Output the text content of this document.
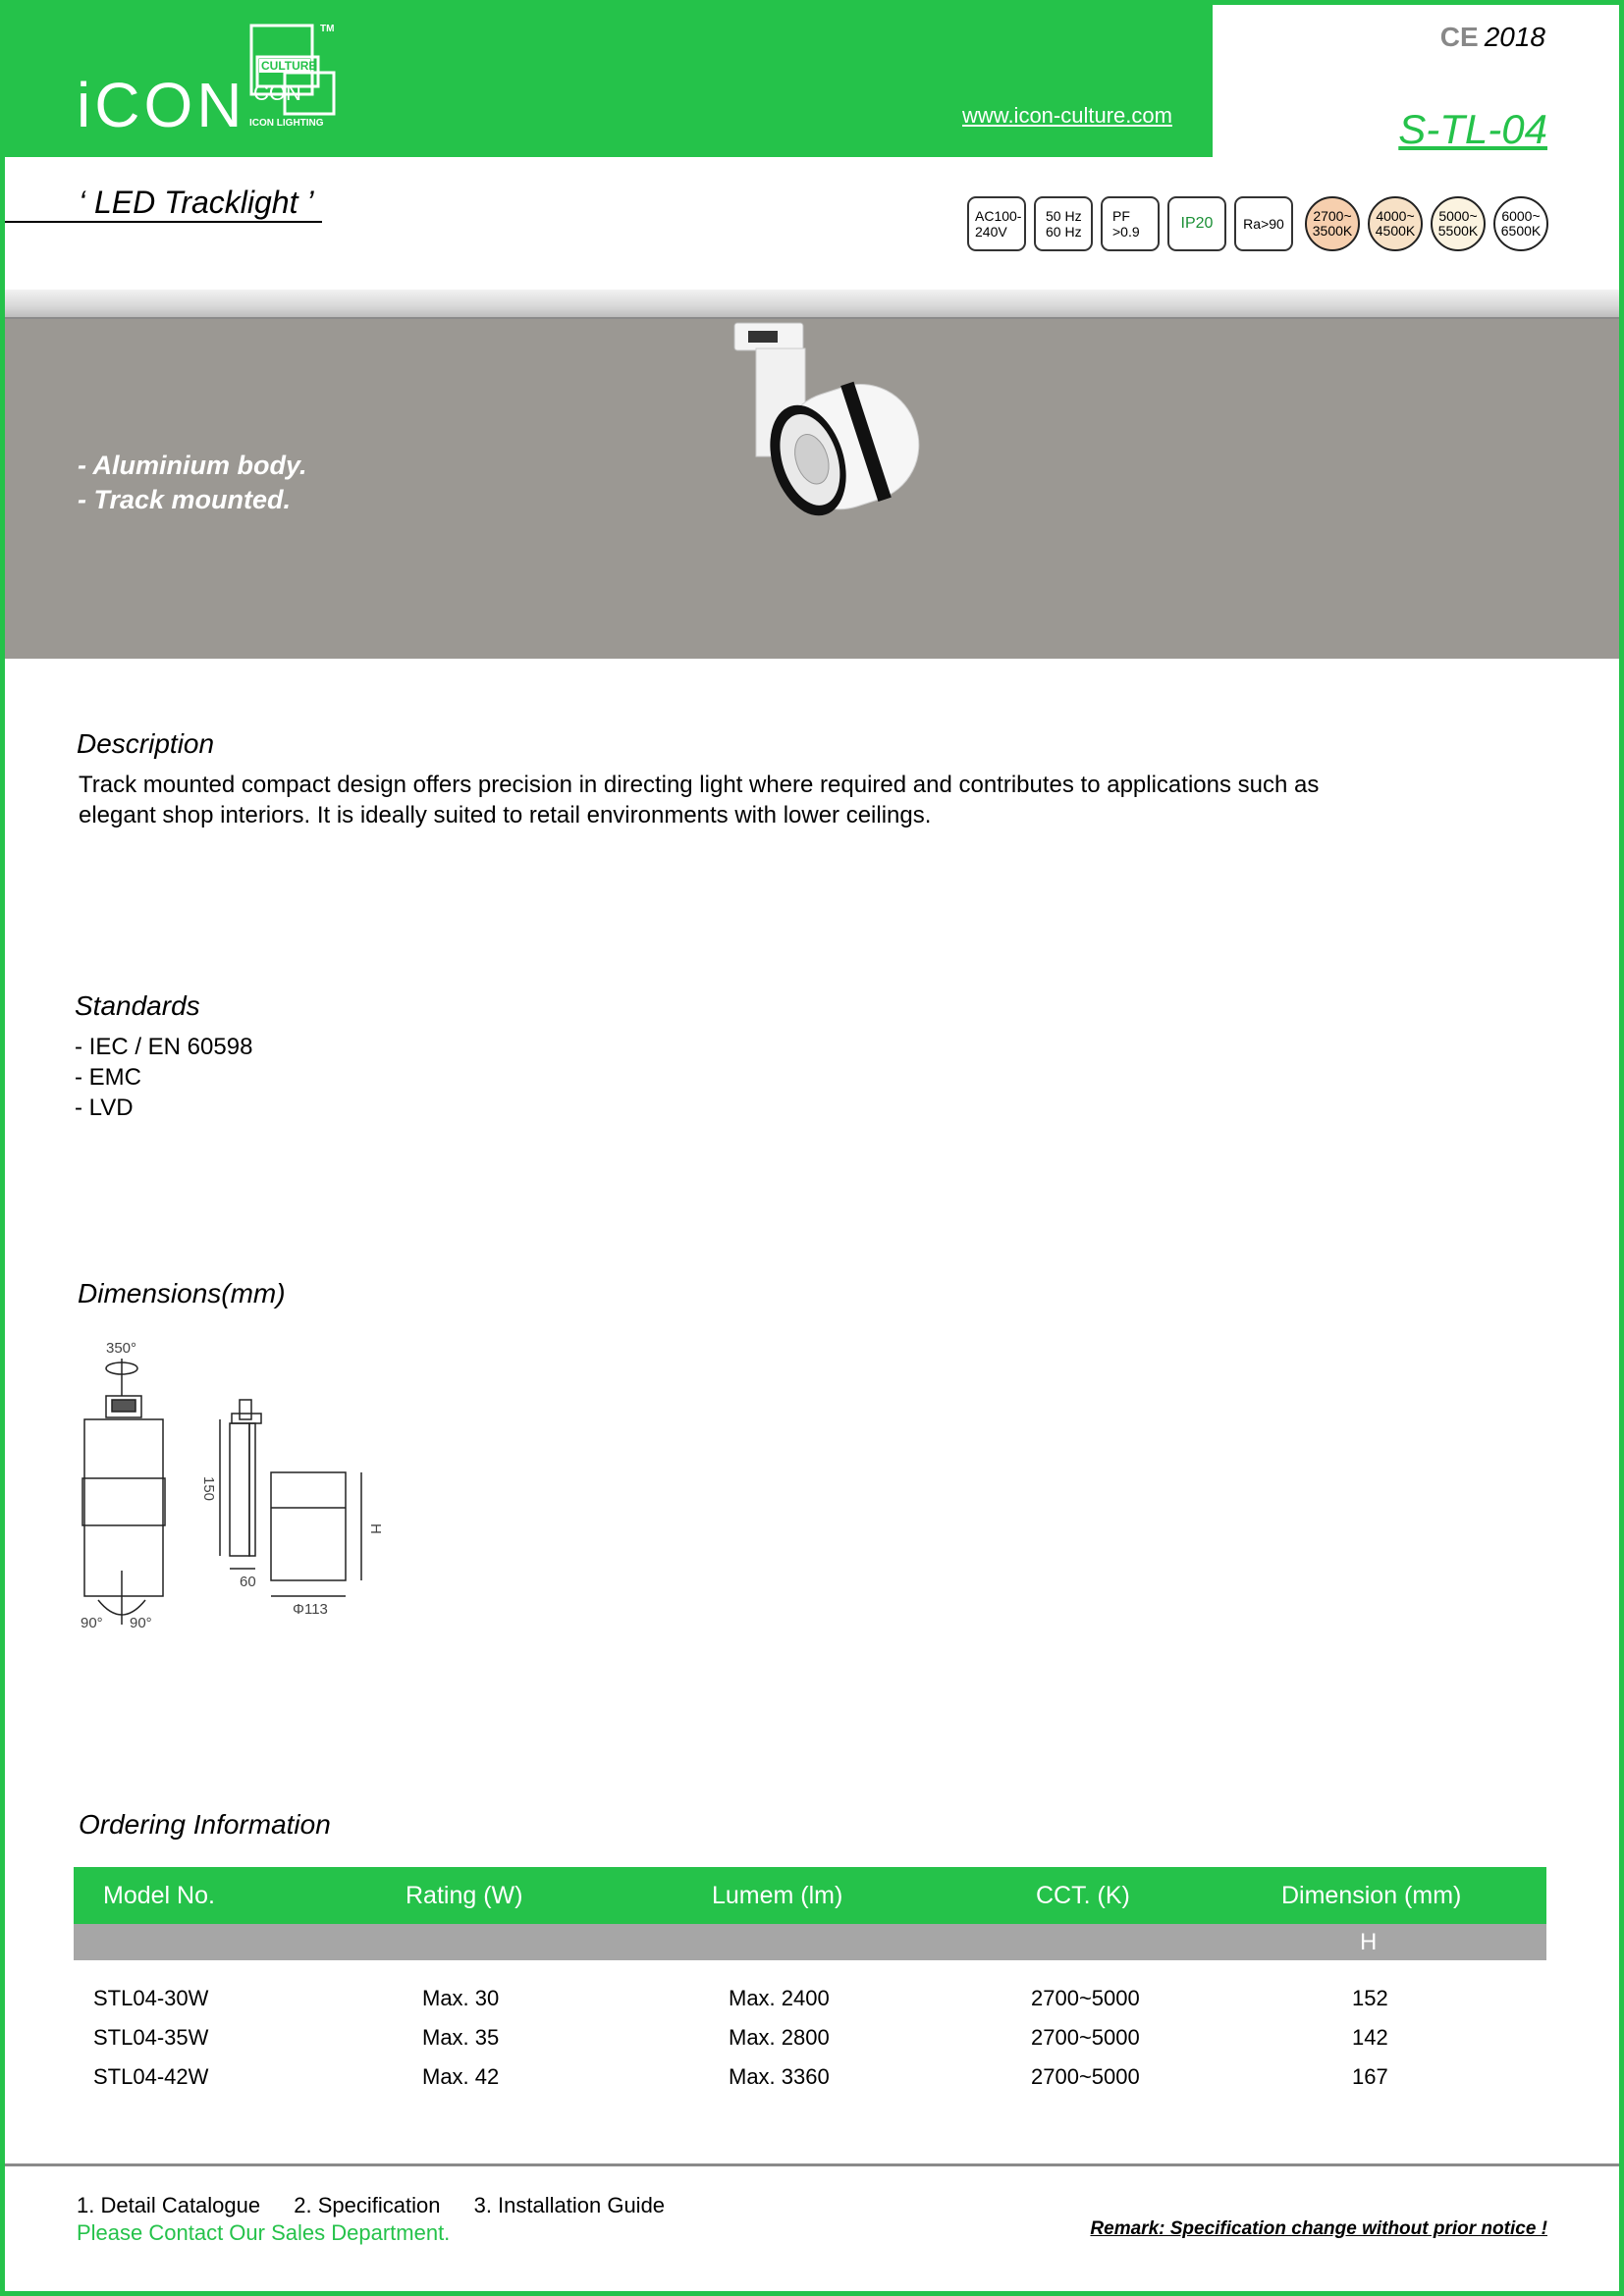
iCON
CULTURE
CON
ICON LIGHTING
TM
www.icon-culture.com
CE 2018
S-TL-04
‘ LED Tracklight ’	AC100-
240V
50 Hz
60 Hz
PF
>0.9	IP20 Ra>90 2700~
3500K
4000~
4500K
5000~
5500K
6000~
6500K
- Aluminium body.
- Track mounted.
Description
Track mounted compact design offers precision in directing light where required and contributes to applications such as
elegant shop interiors. It is ideally suited to retail environments with lower ceilings.
Standards
- IEC / EN 60598
- EMC
- LVD
Dimensions(mm)
350°
90° 90°
150
60
H
Φ113
Ordering Information
Model No.	Rating (W)	Lumem (lm)	CCT. (K)	Dimension (mm)
H
STL04-30W	Max. 30	Max. 2400	2700~5000	152
STL04-35W	Max. 35	Max. 2800	2700~5000	142
STL04-42W	Max. 42	Max. 3360	2700~5000	167
1. Detail Catalogue 2. Specification 3. Installation Guide
Please Contact Our Sales Department.	Remark: Specification change without prior notice !
